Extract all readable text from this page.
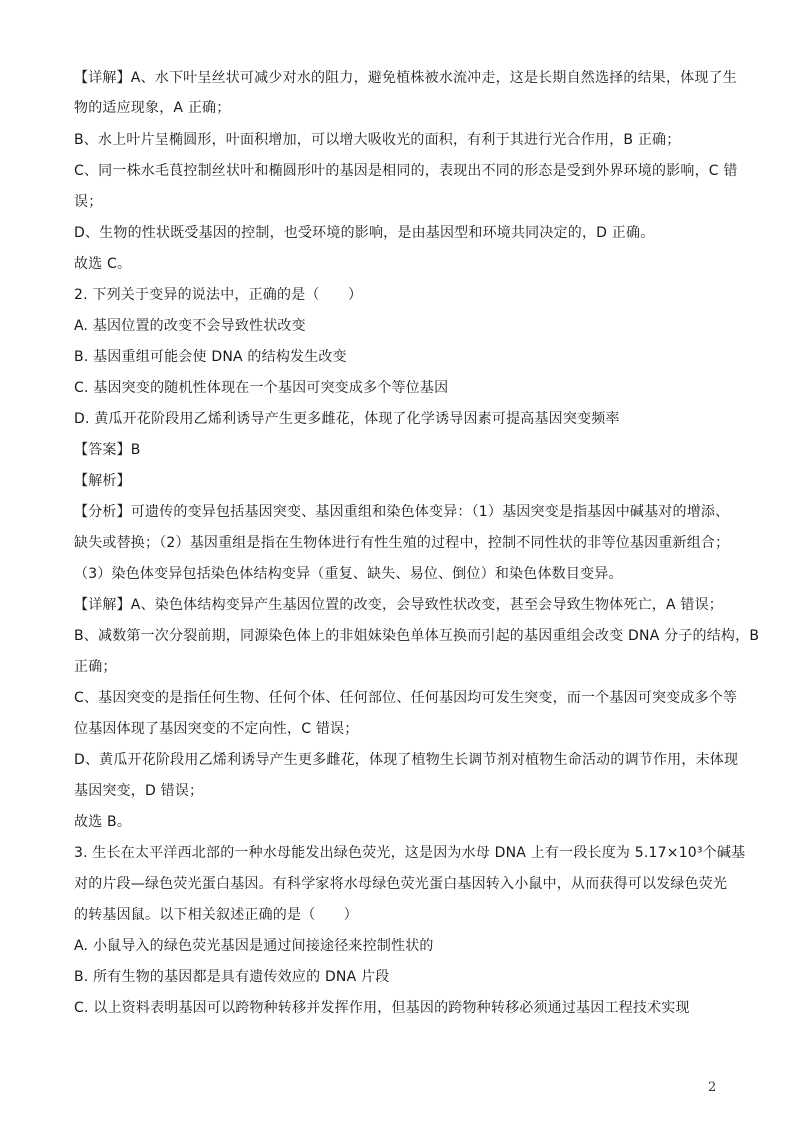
【详解】A、水下叶呈丝状可减少对水的阻力，避免植株被水流冲走，这是长期自然选择的结果，体现了生
物的适应现象，A 正确；
B、水上叶片呈椭圆形，叶面积增加，可以增大吸收光的面积，有利于其进行光合作用，B 正确；
C、同一株水毛茛控制丝状叶和椭圆形叶的基因是相同的，表现出不同的形态是受到外界环境的影响，C 错
误；
D、生物的性状既受基因的控制，也受环境的影响，是由基因型和环境共同决定的，D 正确。
故选 C。
2. 下列关于变异的说法中，正确的是（　　）
A. 基因位置的改变不会导致性状改变
B. 基因重组可能会使 DNA 的结构发生改变
C. 基因突变的随机性体现在一个基因可突变成多个等位基因
D. 黄瓜开花阶段用乙烯利诱导产生更多雌花，体现了化学诱导因素可提高基因突变频率
【答案】B
【解析】
【分析】可遗传的变异包括基因突变、基因重组和染色体变异：（1）基因突变是指基因中碱基对的增添、
缺失或替换；（2）基因重组是指在生物体进行有性生殖的过程中，控制不同性状的非等位基因重新组合；
（3）染色体变异包括染色体结构变异（重复、缺失、易位、倒位）和染色体数目变异。
【详解】A、染色体结构变异产生基因位置的改变，会导致性状改变，甚至会导致生物体死亡，A 错误；
B、减数第一次分裂前期，同源染色体上的非姐妹染色单体互换而引起的基因重组会改变 DNA 分子的结构，B
正确；
C、基因突变的是指任何生物、任何个体、任何部位、任何基因均可发生突变，而一个基因可突变成多个等
位基因体现了基因突变的不定向性，C 错误；
D、黄瓜开花阶段用乙烯利诱导产生更多雌花，体现了植物生长调节剂对植物生命活动的调节作用，未体现
基因突变，D 错误；
故选 B。
3. 生长在太平洋西北部的一种水母能发出绿色荧光，这是因为水母 DNA 上有一段长度为 5.17×10³个碱基
对的片段—绿色荧光蛋白基因。有科学家将水母绿色荧光蛋白基因转入小鼠中，从而获得可以发绿色荧光
的转基因鼠。以下相关叙述正确的是（　　）
A. 小鼠导入的绿色荧光基因是通过间接途径来控制性状的
B. 所有生物的基因都是具有遗传效应的 DNA 片段
C. 以上资料表明基因可以跨物种转移并发挥作用，但基因的跨物种转移必须通过基因工程技术实现
2
